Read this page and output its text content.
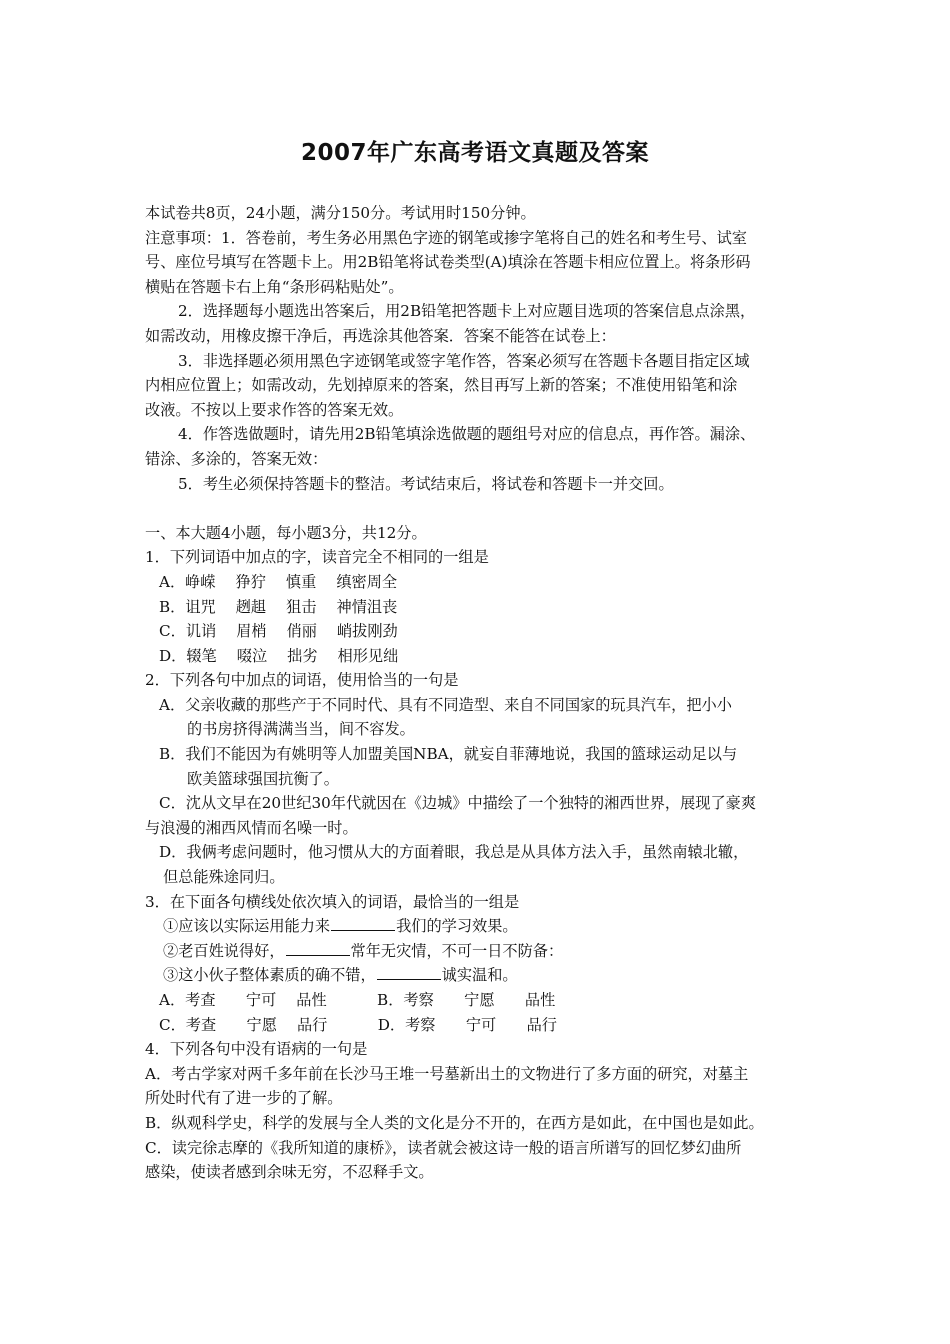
2007年广东高考语文真题及答案
本试卷共8页，24小题，满分150分。考试用时150分钟。
注意事项：1．答卷前，考生务必用黑色字迹的钢笔或掺字笔将自己的姓名和考生号、试室
号、座位号填写在答题卡上。用2B铅笔将试卷类型(A)填涂在答题卡相应位置上。将条形码
横贴在答题卡右上角“条形码粘贴处”。
2．选择题每小题选出答案后，用2B铅笔把答题卡上对应题目选项的答案信息点涂黑，
如需改动，用橡皮擦干净后，再选涂其他答案．答案不能答在试卷上：
3．非选择题必须用黑色字迹钢笔或签字笔作答，答案必须写在答题卡各题目指定区域
内相应位置上；如需改动，先划掉原来的答案，然目再写上新的答案；不准使用铅笔和涂
改液。不按以上要求作答的答案无效。
4．作答选做题时，请先用2B铅笔填涂选做题的题组号对应的信息点，再作答。漏涂、
错涂、多涂的，答案无效：
5．考生必须保持答题卡的整洁。考试结束后，将试卷和答题卡一并交回。
一、本大题4小题，每小题3分，共12分。
1．下列词语中加点的字，读音完全不相同的一组是
A．峥嵘　 狰狞　 慎重　 缜密周全
B．诅咒　 趔趄　 狙击　 神情沮丧
C．讥诮　 眉梢　 俏丽　 峭拔刚劲
D．辍笔　 啜泣　 拙劣　 相形见绌
2．下列各句中加点的词语，使用恰当的一句是
A．父亲收藏的那些产于不同时代、具有不同造型、来自不同国家的玩具汽车，把小小
的书房挤得满满当当，间不容发。
B．我们不能因为有姚明等人加盟美国NBA，就妄自菲薄地说，我国的篮球运动足以与
欧美篮球强国抗衡了。
C．沈从文早在20世纪30年代就因在《边城》中描绘了一个独特的湘西世界，展现了豪爽
与浪漫的湘西风情而名噪一时。
D．我俩考虑问题时，他习惯从大的方面着眼，我总是从具体方法入手，虽然南辕北辙，
但总能殊途同归。
3．在下面各句横线处依次填入的词语，最恰当的一组是
①应该以实际运用能力来	我们的学习效果。
②老百姓说得好，	常年无灾情，不可一日不防备：
③这小伙子整体素质的确不错，	诚实温和。
A．考查　　宁可　 品性　　　 B．考察　　宁愿　　品性
C．考查　　宁愿　 品行　　　 D．考察　　宁可　　品行
4．下列各句中没有语病的一句是
A．考古学家对两千多年前在长沙马王堆一号墓新出土的文物进行了多方面的研究，对墓主
所处时代有了进一步的了解。
B．纵观科学史，科学的发展与全人类的文化是分不开的，在西方是如此，在中国也是如此。
C．读完徐志摩的《我所知道的康桥》，读者就会被这诗一般的语言所谱写的回忆梦幻曲所
感染，使读者感到余味无穷，不忍释手文。
